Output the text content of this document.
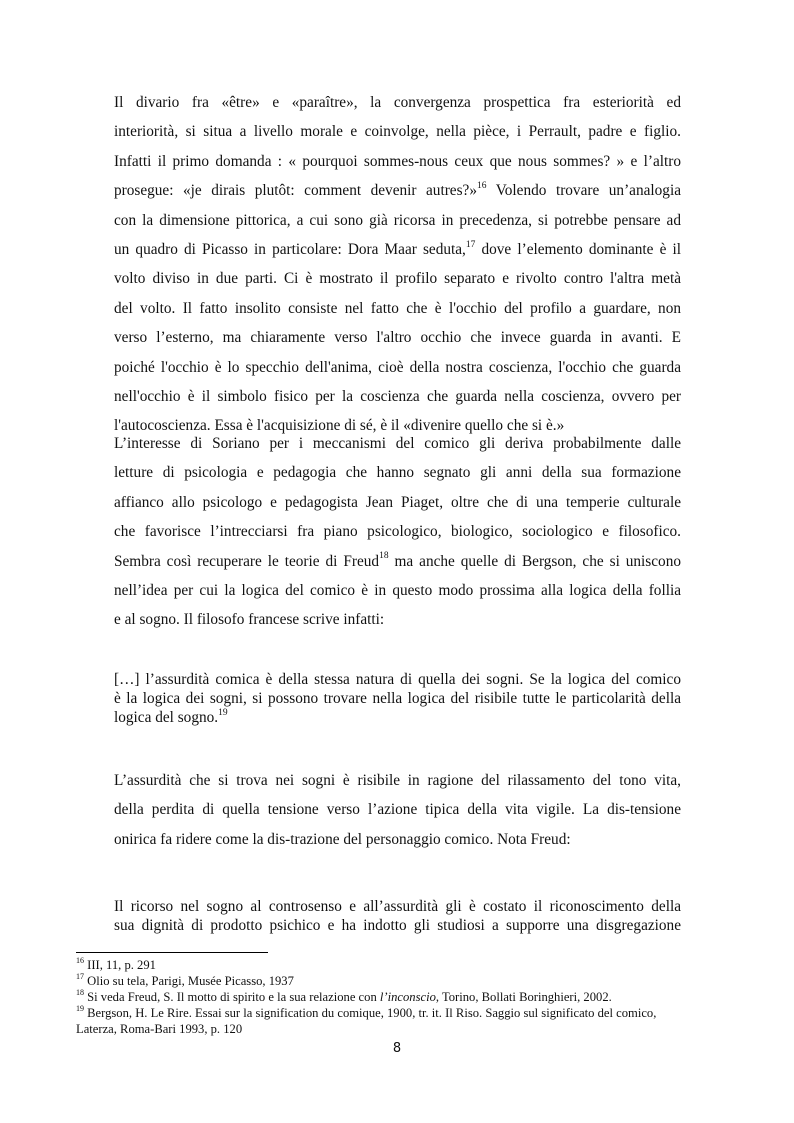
Il divario fra «être» e «paraître», la convergenza prospettica fra esteriorità ed
interiorità, si situa a livello morale e coinvolge, nella pièce, i Perrault, padre e figlio.
Infatti il primo domanda : « pourquoi sommes-nous ceux que nous sommes? » e l’altro
prosegue: «je dirais plutôt: comment devenir autres?»$^{16}$ Volendo trovare un’analogia
con la dimensione pittorica, a cui sono già ricorsa in precedenza, si potrebbe pensare ad
un quadro di Picasso in particolare: Dora Maar seduta,$^{17}$ dove l’elemento dominante è il
volto diviso in due parti. Ci è mostrato il profilo separato e rivolto contro l'altra metà
del volto. Il fatto insolito consiste nel fatto che è l'occhio del profilo a guardare, non
verso l’esterno, ma chiaramente verso l'altro occhio che invece guarda in avanti. E
poiché l'occhio è lo specchio dell'anima, cioè della nostra coscienza, l'occhio che guarda
nell'occhio è il simbolo fisico per la coscienza che guarda nella coscienza, ovvero per
l'autocoscienza. Essa è l'acquisizione di sé, è il «divenire quello che si è.»

L’interesse di Soriano per i meccanismi del comico gli deriva probabilmente dalle
letture di psicologia e pedagogia che hanno segnato gli anni della sua formazione
affianco allo psicologo e pedagogista Jean Piaget, oltre che di una temperie culturale
che favorisce l’intrecciarsi fra piano psicologico, biologico, sociologico e filosofico.
Sembra così recuperare le teorie di Freud$^{18}$ ma anche quelle di Bergson, che si uniscono
nell’idea per cui la logica del comico è in questo modo prossima alla logica della follia
e al sogno. Il filosofo francese scrive infatti:

[…] l’assurdità comica è della stessa natura di quella dei sogni. Se la logica del comico
è la logica dei sogni, si possono trovare nella logica del risibile tutte le particolarità della
logica del sogno.$^{19}$

L’assurdità che si trova nei sogni è risibile in ragione del rilassamento del tono vita,
della perdita di quella tensione verso l’azione tipica della vita vigile. La dis-tensione
onirica fa ridere come la dis-trazione del personaggio comico. Nota Freud:

Il ricorso nel sogno al controsenso e all’assurdità gli è costato il riconoscimento della
sua dignità di prodotto psichico e ha indotto gli studiosi a supporre una disgregazione

$^{16}$ III, 11, p. 291

$^{17}$ Olio su tela, Parigi, Musée Picasso, 1937

$^{18}$ Si veda Freud, S. Il motto di spirito e la sua relazione con l’inconscio, Torino, Bollati Boringhieri, 2002.

$^{19}$ Bergson, H. Le Rire. Essai sur la signification du comique, 1900, tr. it. Il Riso. Saggio sul significato del comico,
Laterza, Roma-Bari 1993, p. 120

8
